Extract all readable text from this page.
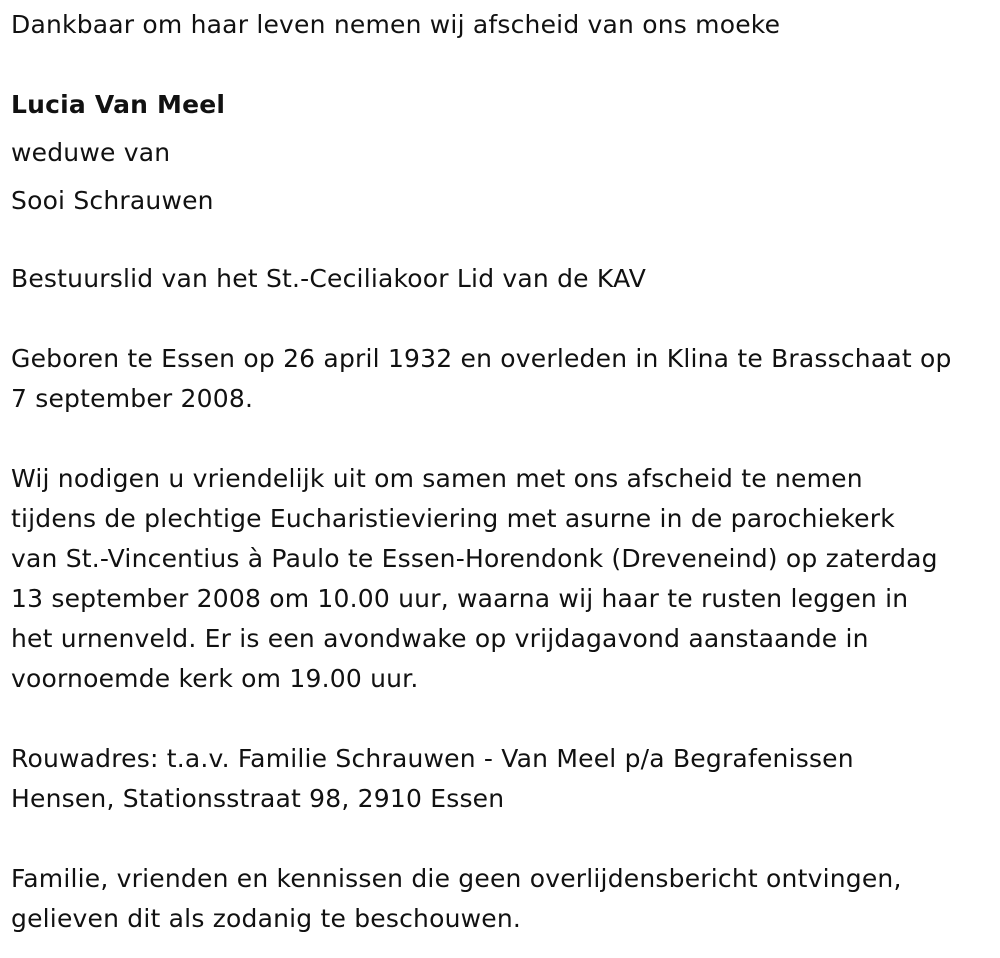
Dankbaar om haar leven nemen wij afscheid van ons moeke

Lucia Van Meel

weduwe van

Sooi Schrauwen

Bestuurslid van het St.-Ceciliakoor Lid van de KAV

Geboren te Essen op 26 april 1932 en overleden in Klina te Brasschaat op

7 september 2008.

Wij nodigen u vriendelijk uit om samen met ons afscheid te nemen

tijdens de plechtige Eucharistieviering met asurne in de parochiekerk

van St.-Vincentius à Paulo te Essen-Horendonk (Dreveneind) op zaterdag

13 september 2008 om 10.00 uur, waarna wij haar te rusten leggen in

het urnenveld. Er is een avondwake op vrijdagavond aanstaande in

voornoemde kerk om 19.00 uur.

Rouwadres: t.a.v. Familie Schrauwen - Van Meel p/a Begrafenissen

Hensen, Stationsstraat 98, 2910 Essen

Familie, vrienden en kennissen die geen overlijdensbericht ontvingen,

gelieven dit als zodanig te beschouwen.
